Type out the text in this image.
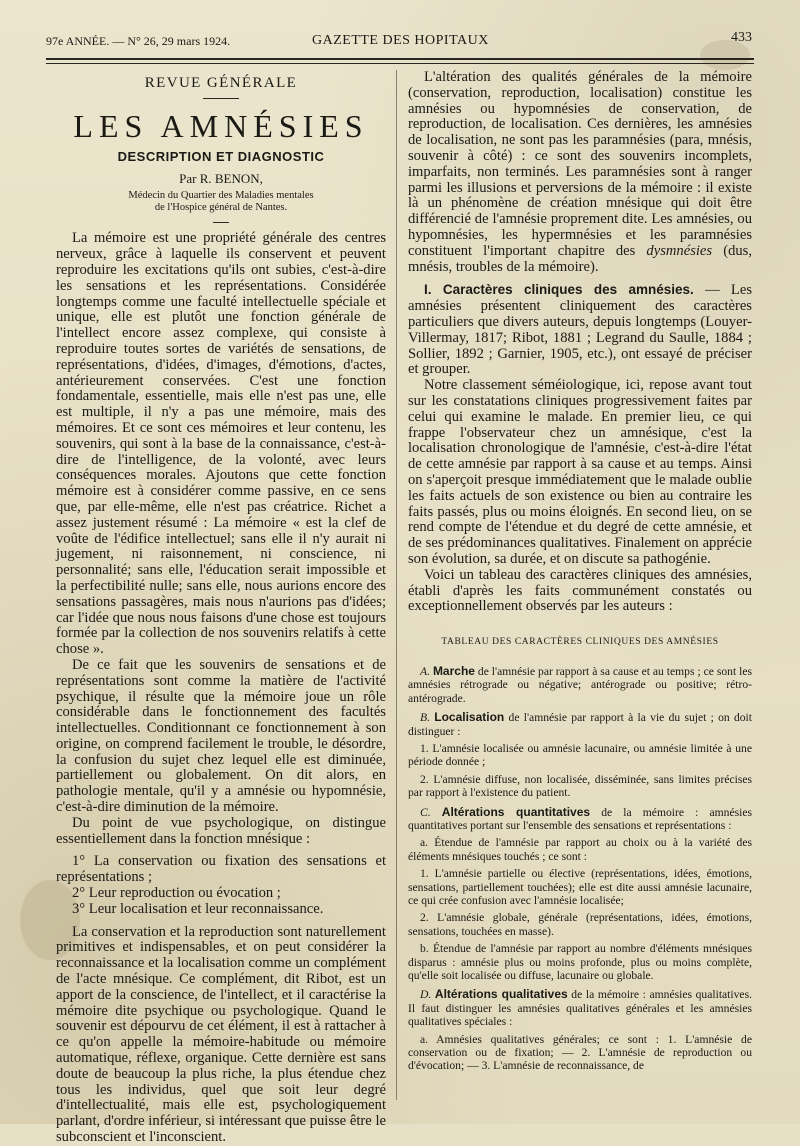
97e ANNÉE. — N° 26, 29 mars 1924.	GAZETTE DES HOPITAUX	433
REVUE GÉNÉRALE
LES AMNÉSIES
DESCRIPTION ET DIAGNOSTIC
Par R. BENON,
Médecin du Quartier des Maladies mentales
de l'Hospice général de Nantes.

La mémoire est une propriété générale des centres nerveux, grâce à laquelle ils conservent et peuvent reproduire les excitations qu'ils ont subies, c'est-à-dire les sensations et les représentations. Considérée longtemps comme une faculté intellectuelle spéciale et unique, elle est plutôt une fonction générale de l'intellect encore assez complexe, qui consiste à reproduire toutes sortes de variétés de sensations, de représentations, d'idées, d'images, d'émotions, d'actes, antérieurement conservées. C'est une fonction fondamentale, essentielle, mais elle n'est pas une, elle est multiple, il n'y a pas une mémoire, mais des mémoires. Et ce sont ces mémoires et leur contenu, les souvenirs, qui sont à la base de la connaissance, c'est-à-dire de l'intelligence, de la volonté, avec leurs conséquences morales. Ajoutons que cette fonction mémoire est à considérer comme passive, en ce sens que, par elle-même, elle n'est pas créatrice. Richet a assez justement résumé : La mémoire « est la clef de voûte de l'édifice intellectuel; sans elle il n'y aurait ni jugement, ni raisonnement, ni conscience, ni personnalité; sans elle, l'éducation serait impossible et la perfectibilité nulle; sans elle, nous aurions encore des sensations passagères, mais nous n'aurions pas d'idées; car l'idée que nous nous faisons d'une chose est toujours formée par la collection de nos souvenirs relatifs à cette chose ».

De ce fait que les souvenirs de sensations et de représentations sont comme la matière de l'activité psychique, il résulte que la mémoire joue un rôle considérable dans le fonctionnement des facultés intellectuelles. Conditionnant ce fonctionnement à son origine, on comprend facilement le trouble, le désordre, la confusion du sujet chez lequel elle est diminuée, partiellement ou globalement. On dit alors, en pathologie mentale, qu'il y a amnésie ou hypomnésie, c'est-à-dire diminution de la mémoire.

Du point de vue psychologique, on distingue essentiellement dans la fonction mnésique :

1° La conservation ou fixation des sensations et représentations ;

2° Leur reproduction ou évocation ;

3° Leur localisation et leur reconnaissance.

La conservation et la reproduction sont naturellement primitives et indispensables, et on peut considérer la reconnaissance et la localisation comme un complément de l'acte mnésique. Ce complément, dit Ribot, est un apport de la conscience, de l'intellect, et il caractérise la mémoire dite psychique ou psychologique. Quand le souvenir est dépourvu de cet élément, il est à rattacher à ce qu'on appelle la mémoire-habitude ou mémoire automatique, réflexe, organique. Cette dernière est sans doute de beaucoup la plus riche, la plus étendue chez tous les individus, quel que soit leur degré d'intellectualité, mais elle est, psychologiquement parlant, d'ordre inférieur, si intéressant que puisse être le subconscient et l'inconscient.

L'altération des qualités générales de la mémoire (conservation, reproduction, localisation) constitue les amnésies ou hypomnésies de conservation, de reproduction, de localisation. Ces dernières, les amnésies de localisation, ne sont pas les paramnésies (para, mnésis, souvenir à côté) : ce sont des souvenirs incomplets, imparfaits, non terminés. Les paramnésies sont à ranger parmi les illusions et perversions de la mémoire : il existe là un phénomène de création mnésique qui doit être différencié de l'amnésie proprement dite. Les amnésies, ou hypomnésies, les hypermnésies et les paramnésies constituent l'important chapitre des dysmnésies (dus, mnésis, troubles de la mémoire).

I. Caractères cliniques des amnésies. — Les amnésies présentent cliniquement des caractères particuliers que divers auteurs, depuis longtemps (Louyer-Villermay, 1817; Ribot, 1881 ; Legrand du Saulle, 1884 ; Sollier, 1892 ; Garnier, 1905, etc.), ont essayé de préciser et grouper.

Notre classement séméiologique, ici, repose avant tout sur les constatations cliniques progressivement faites par celui qui examine le malade. En premier lieu, ce qui frappe l'observateur chez un amnésique, c'est la localisation chronologique de l'amnésie, c'est-à-dire l'état de cette amnésie par rapport à sa cause et au temps. Ainsi on s'aperçoit presque immédiatement que le malade oublie les faits actuels de son existence ou bien au contraire les faits passés, plus ou moins éloignés. En second lieu, on se rend compte de l'étendue et du degré de cette amnésie, et de ses prédominances qualitatives. Finalement on apprécie son évolution, sa durée, et on discute sa pathogénie.

Voici un tableau des caractères cliniques des amnésies, établi d'après les faits communément constatés ou exceptionnellement observés par les auteurs :

TABLEAU DES CARACTÈRES CLINIQUES DES AMNÉSIES

A. Marche de l'amnésie par rapport à sa cause et au temps ; ce sont les amnésies rétrograde ou négative; antérograde ou positive; rétro-antérograde.

B. Localisation de l'amnésie par rapport à la vie du sujet ; on doit distinguer :

1. L'amnésie localisée ou amnésie lacunaire, ou amnésie limitée à une période donnée ;

2. L'amnésie diffuse, non localisée, disséminée, sans limites précises par rapport à l'existence du patient.

C. Altérations quantitatives de la mémoire : amnésies quantitatives portant sur l'ensemble des sensations et représentations :

a. Étendue de l'amnésie par rapport au choix ou à la variété des éléments mnésiques touchés ; ce sont :

1. L'amnésie partielle ou élective (représentations, idées, émotions, sensations, partiellement touchées); elle est dite aussi amnésie lacunaire, ce qui crée confusion avec l'amnésie localisée;

2. L'amnésie globale, générale (représentations, idées, émotions, sensations, touchées en masse).

b. Étendue de l'amnésie par rapport au nombre d'éléments mnésiques disparus : amnésie plus ou moins profonde, plus ou moins complète, qu'elle soit localisée ou diffuse, lacunaire ou globale.

D. Altérations qualitatives de la mémoire : amnésies qualitatives. Il faut distinguer les amnésies qualitatives générales et les amnésies qualitatives spéciales :

a. Amnésies qualitatives générales; ce sont : 1. L'amnésie de conservation ou de fixation; — 2. L'amnésie de reproduction ou d'évocation; — 3. L'amnésie de reconnaissance, de
